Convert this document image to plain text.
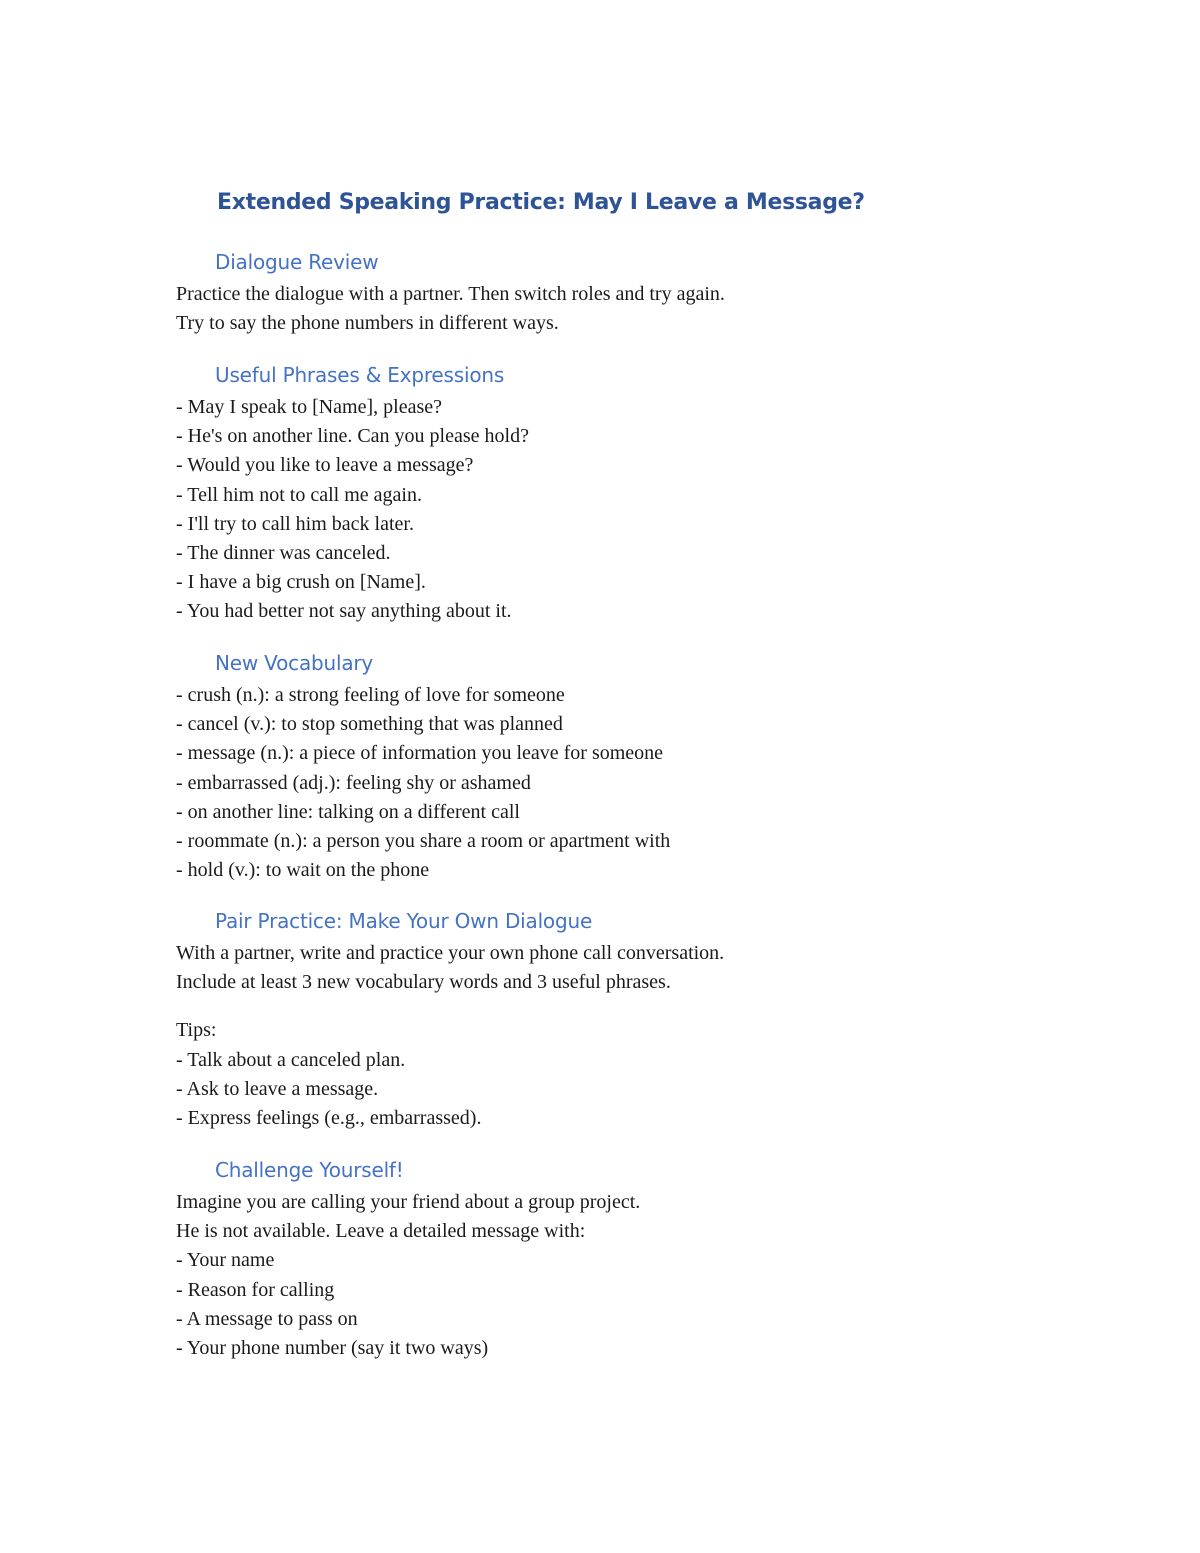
Extended Speaking Practice: May I Leave a Message?
Dialogue Review
Practice the dialogue with a partner. Then switch roles and try again.
Try to say the phone numbers in different ways.
Useful Phrases & Expressions
- May I speak to [Name], please?
- He's on another line. Can you please hold?
- Would you like to leave a message?
- Tell him not to call me again.
- I'll try to call him back later.
- The dinner was canceled.
- I have a big crush on [Name].
- You had better not say anything about it.
New Vocabulary
- crush (n.): a strong feeling of love for someone
- cancel (v.): to stop something that was planned
- message (n.): a piece of information you leave for someone
- embarrassed (adj.): feeling shy or ashamed
- on another line: talking on a different call
- roommate (n.): a person you share a room or apartment with
- hold (v.): to wait on the phone
Pair Practice: Make Your Own Dialogue
With a partner, write and practice your own phone call conversation.
Include at least 3 new vocabulary words and 3 useful phrases.
Tips:
- Talk about a canceled plan.
- Ask to leave a message.
- Express feelings (e.g., embarrassed).
Challenge Yourself!
Imagine you are calling your friend about a group project.
He is not available. Leave a detailed message with:
- Your name
- Reason for calling
- A message to pass on
- Your phone number (say it two ways)
